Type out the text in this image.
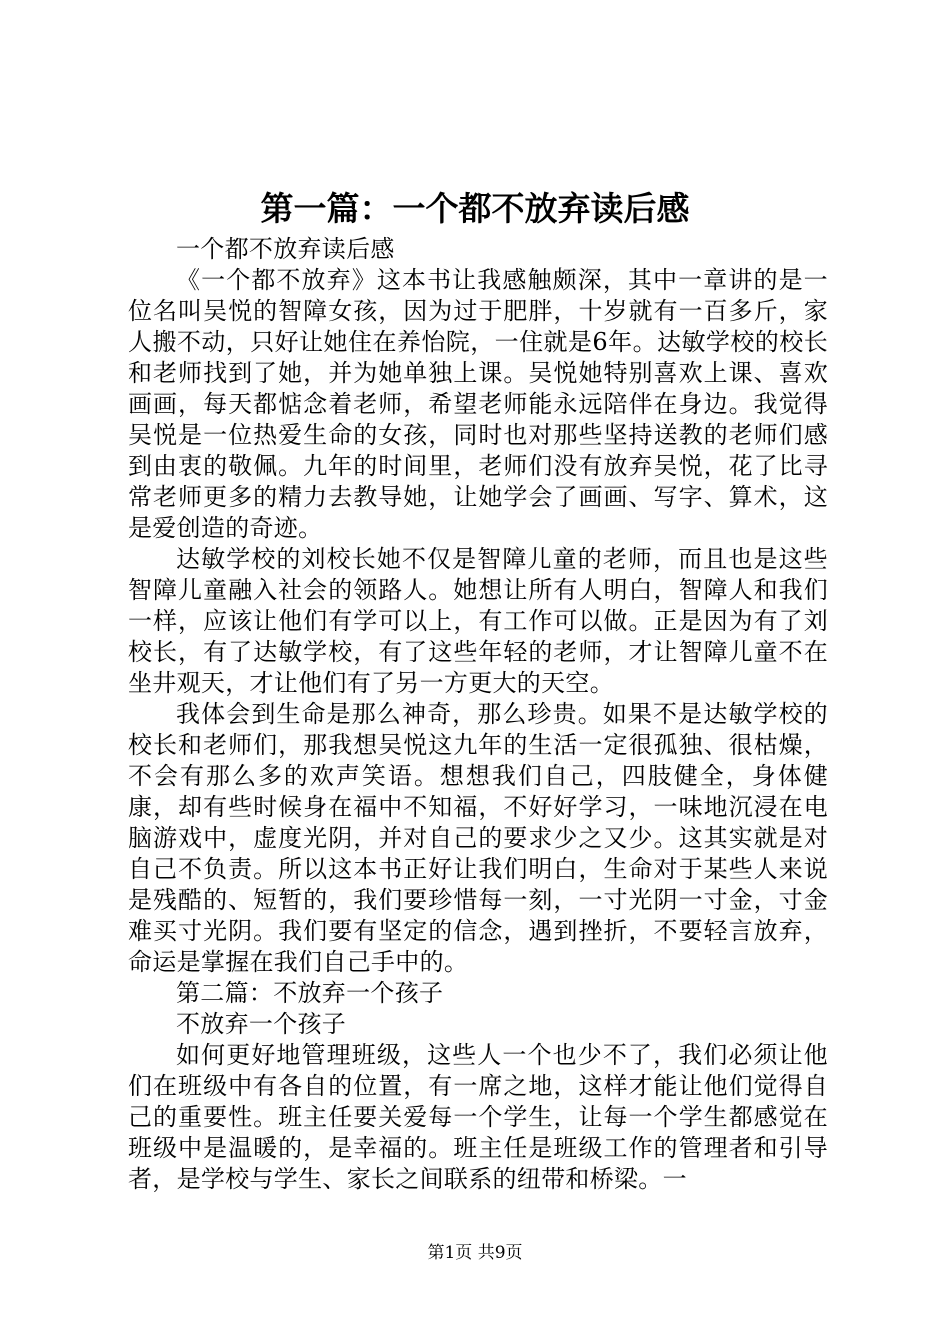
第一篇：一个都不放弃读后感

一个都不放弃读后感

《一个都不放弃》这本书让我感触颇深，其中一章讲的是一位名叫吴悦的智障女孩，因为过于肥胖，十岁就有一百多斤，家人搬不动，只好让她住在养怡院，一住就是6年。达敏学校的校长和老师找到了她，并为她单独上课。吴悦她特别喜欢上课、喜欢画画，每天都惦念着老师，希望老师能永远陪伴在身边。我觉得吴悦是一位热爱生命的女孩，同时也对那些坚持送教的老师们感到由衷的敬佩。九年的时间里，老师们没有放弃吴悦，花了比寻常老师更多的精力去教导她，让她学会了画画、写字、算术，这是爱创造的奇迹。

达敏学校的刘校长她不仅是智障儿童的老师，而且也是这些智障儿童融入社会的领路人。她想让所有人明白，智障人和我们一样，应该让他们有学可以上，有工作可以做。正是因为有了刘校长，有了达敏学校，有了这些年轻的老师，才让智障儿童不在坐井观天，才让他们有了另一方更大的天空。

我体会到生命是那么神奇，那么珍贵。如果不是达敏学校的校长和老师们，那我想吴悦这九年的生活一定很孤独、很枯燥，不会有那么多的欢声笑语。想想我们自己，四肢健全，身体健康，却有些时候身在福中不知福，不好好学习，一味地沉浸在电脑游戏中，虚度光阴，并对自己的要求少之又少。这其实就是对自己不负责。所以这本书正好让我们明白，生命对于某些人来说是残酷的、短暂的，我们要珍惜每一刻，一寸光阴一寸金，寸金难买寸光阴。我们要有坚定的信念，遇到挫折，不要轻言放弃，命运是掌握在我们自己手中的。

第二篇：不放弃一个孩子

不放弃一个孩子

如何更好地管理班级，这些人一个也少不了，我们必须让他们在班级中有各自的位置，有一席之地，这样才能让他们觉得自己的重要性。班主任要关爱每一个学生，让每一个学生都感觉在班级中是温暖的，是幸福的。班主任是班级工作的管理者和引导者，是学校与学生、家长之间联系的纽带和桥梁。一

第1页 共9页
